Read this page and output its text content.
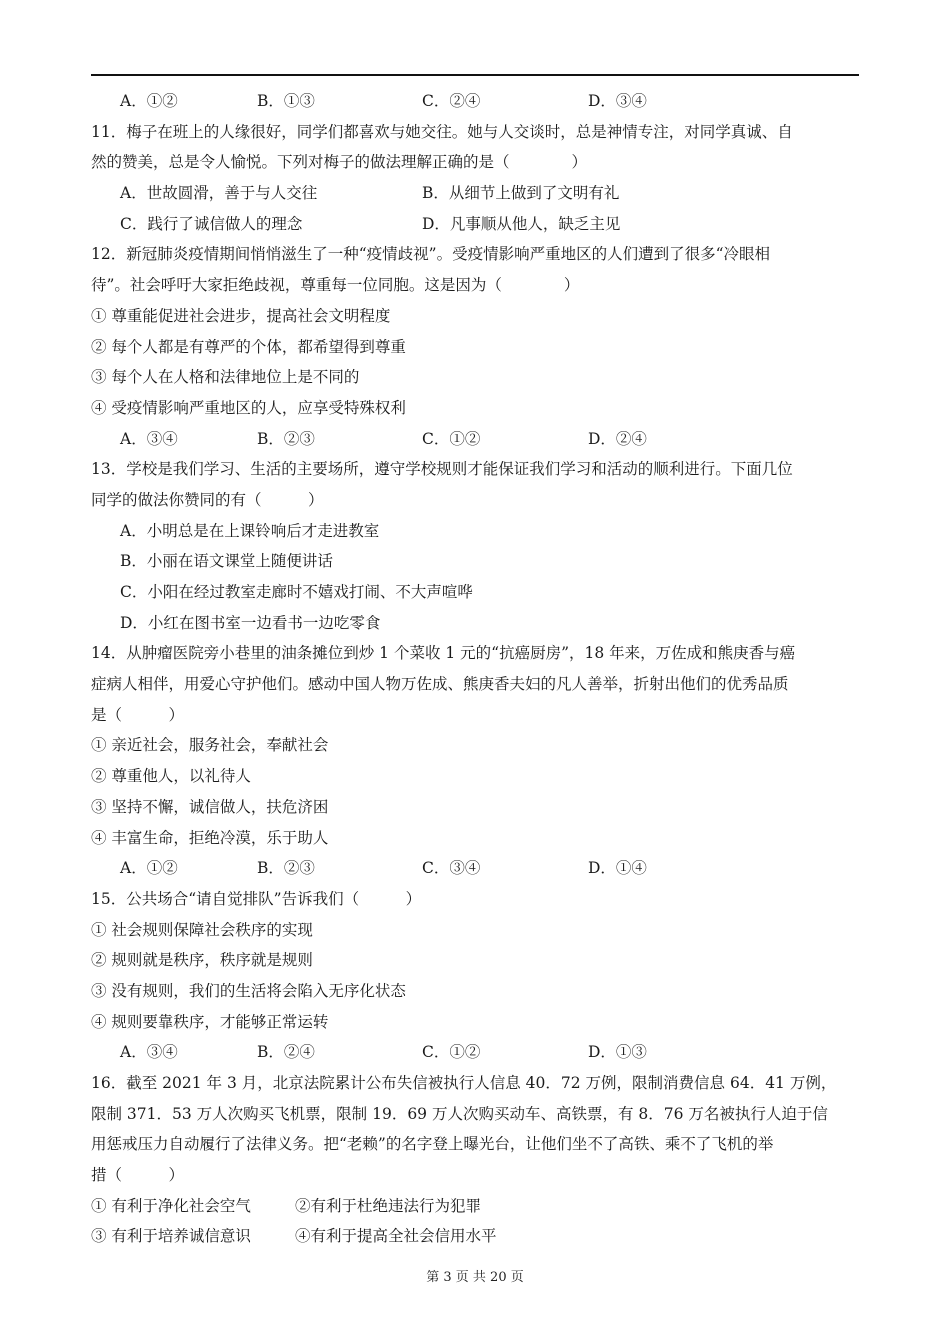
A．①②	B．①③	C．②④	D．③④
11．梅子在班上的人缘很好，同学们都喜欢与她交往。她与人交谈时，总是神情专注，对同学真诚、自
然的赞美，总是令人愉悦。下列对梅子的做法理解正确的是（　　　　）
A．世故圆滑，善于与人交往	B．从细节上做到了文明有礼
C．践行了诚信做人的理念	D．凡事顺从他人，缺乏主见
12．新冠肺炎疫情期间悄悄滋生了一种“疫情歧视”。受疫情影响严重地区的人们遭到了很多“冷眼相
待”。社会呼吁大家拒绝歧视，尊重每一位同胞。这是因为（　　　　）
① 尊重能促进社会进步，提高社会文明程度
② 每个人都是有尊严的个体，都希望得到尊重
③ 每个人在人格和法律地位上是不同的
④ 受疫情影响严重地区的人，应享受特殊权利
A．③④	B．②③	C．①②	D．②④
13．学校是我们学习、生活的主要场所，遵守学校规则才能保证我们学习和活动的顺利进行。下面几位
同学的做法你赞同的有（　　　）
A．小明总是在上课铃响后才走进教室
B．小丽在语文课堂上随便讲话
C．小阳在经过教室走廊时不嬉戏打闹、不大声喧哗
D．小红在图书室一边看书一边吃零食
14．从肿瘤医院旁小巷里的油条摊位到炒 1 个菜收 1 元的“抗癌厨房”，18 年来，万佐成和熊庚香与癌
症病人相伴，用爱心守护他们。感动中国人物万佐成、熊庚香夫妇的凡人善举，折射出他们的优秀品质
是（　　　）
① 亲近社会，服务社会，奉献社会
② 尊重他人，以礼待人
③ 坚持不懈，诚信做人，扶危济困
④ 丰富生命，拒绝冷漠，乐于助人
A．①②	B．②③	C．③④	D．①④
15．公共场合“请自觉排队”告诉我们（　　　）
① 社会规则保障社会秩序的实现
② 规则就是秩序，秩序就是规则
③ 没有规则，我们的生活将会陷入无序化状态
④ 规则要靠秩序，才能够正常运转
A．③④	B．②④	C．①②	D．①③
16．截至 2021 年 3 月，北京法院累计公布失信被执行人信息 40．72 万例，限制消费信息 64．41 万例，
限制 371．53 万人次购买飞机票，限制 19．69 万人次购买动车、高铁票，有 8．76 万名被执行人迫于信
用惩戒压力自动履行了法律义务。把“老赖”的名字登上曝光台，让他们坐不了高铁、乘不了飞机的举
措（　　　）
① 有利于净化社会空气	②有利于杜绝违法行为犯罪
③ 有利于培养诚信意识	④有利于提高全社会信用水平
第 3 页 共 20 页
